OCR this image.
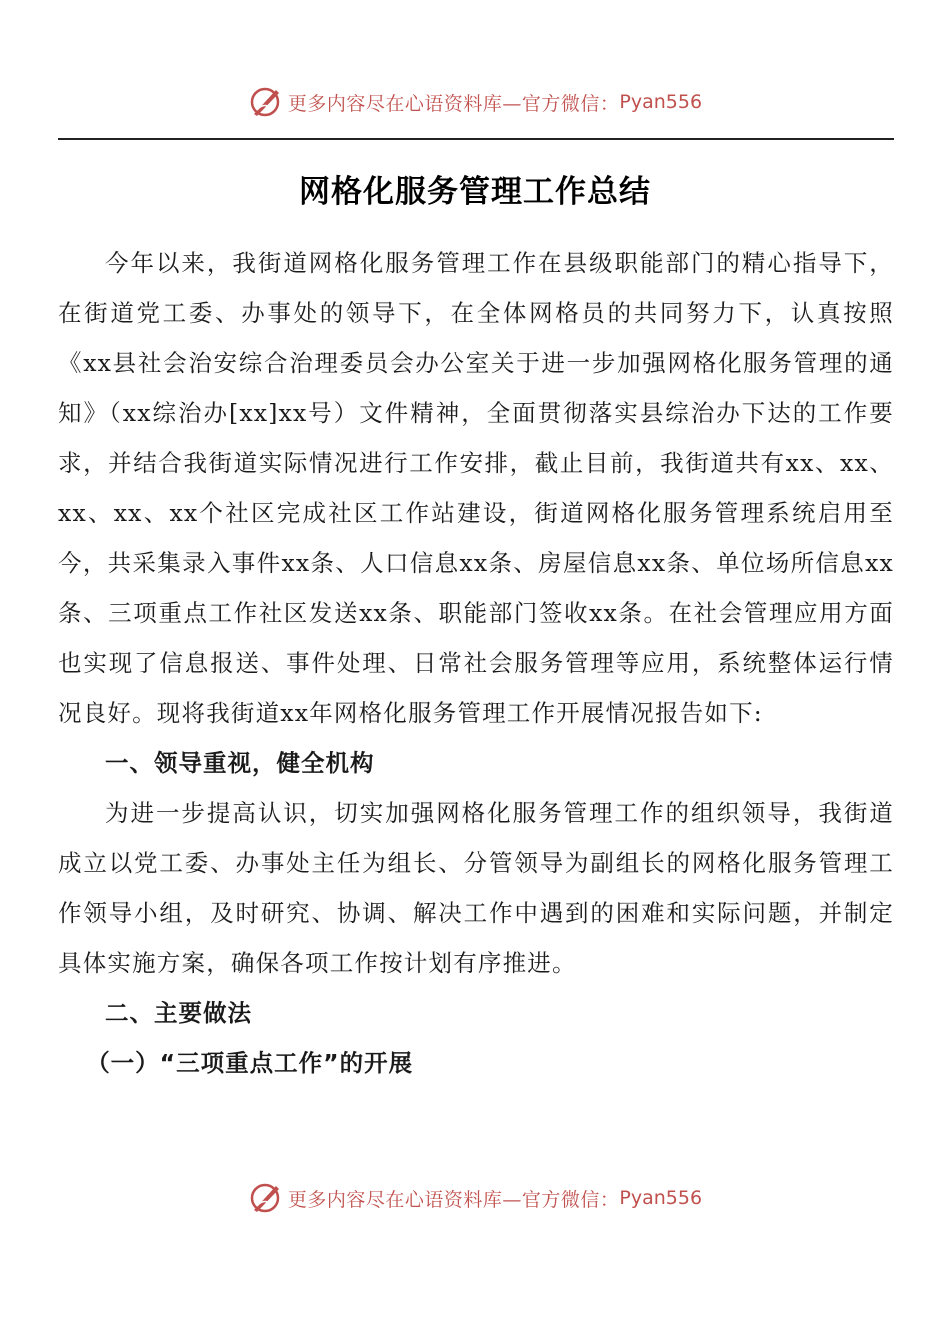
更多内容尽在心语资料库—官方微信： Pyan556
网格化服务管理工作总结

今年以来，我街道网格化服务管理工作在县级职能部门的精心指导下，在街道党工委、办事处的领导下，在全体网格员的共同努力下，认真按照《xx县社会治安综合治理委员会办公室关于进一步加强网格化服务管理的通知》（xx综治办[xx]xx号）文件精神，全面贯彻落实县综治办下达的工作要求，并结合我街道实际情况进行工作安排，截止目前，我街道共有xx、xx、xx、xx、xx个社区完成社区工作站建设，街道网格化服务管理系统启用至今，共采集录入事件xx条、人口信息xx条、房屋信息xx条、单位场所信息xx条、三项重点工作社区发送xx条、职能部门签收xx条。在社会管理应用方面也实现了信息报送、事件处理、日常社会服务管理等应用，系统整体运行情况良好。现将我街道xx年网格化服务管理工作开展情况报告如下:

一、领导重视，健全机构

为进一步提高认识，切实加强网格化服务管理工作的组织领导，我街道成立以党工委、办事处主任为组长、分管领导为副组长的网格化服务管理工作领导小组，及时研究、协调、解决工作中遇到的困难和实际问题，并制定具体实施方案，确保各项工作按计划有序推进。

二、主要做法
（一）“三项重点工作”的开展
更多内容尽在心语资料库—官方微信： Pyan556
